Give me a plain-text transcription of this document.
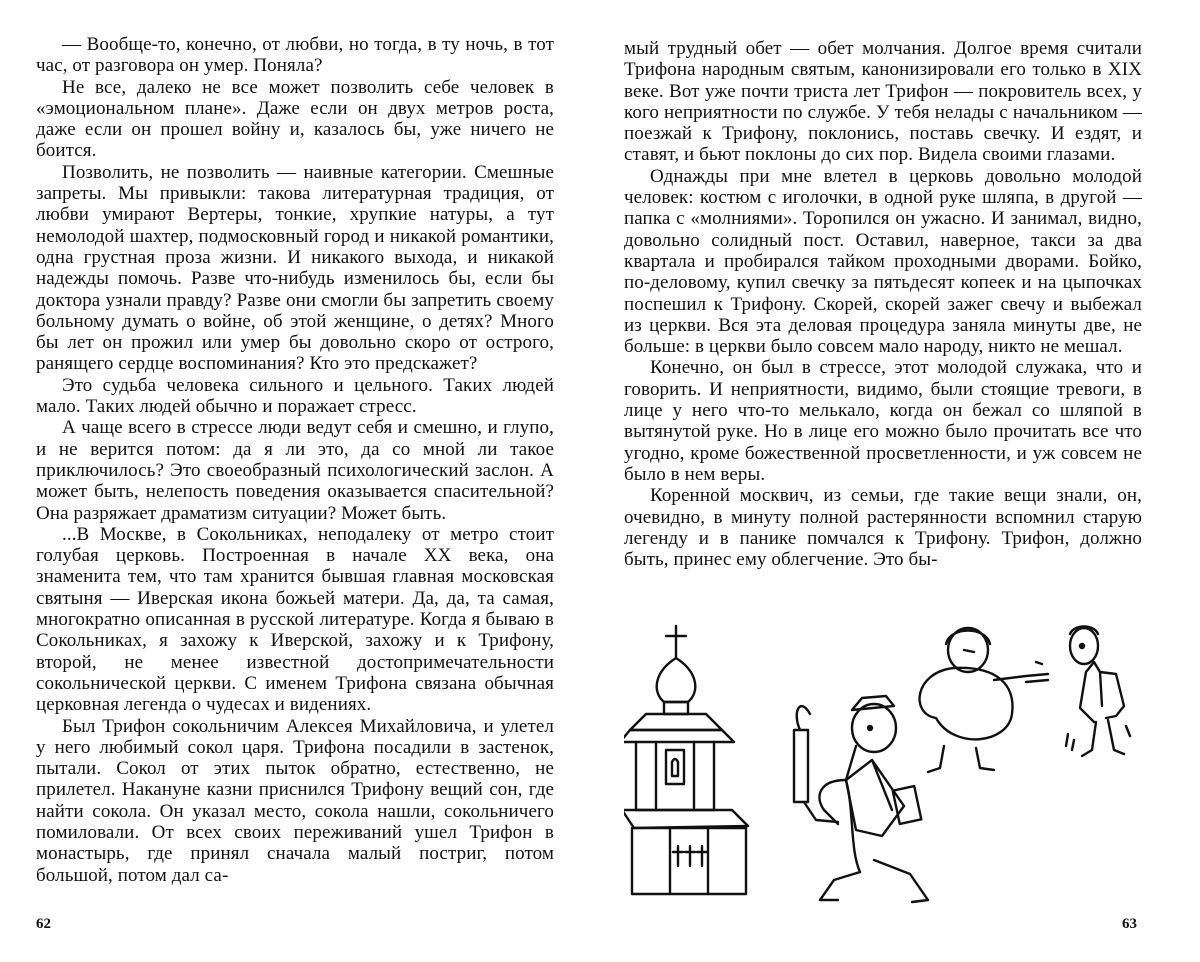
— Вообще-то, конечно, от любви, но тогда, в ту ночь, в тот час, от разговора он умер. Поняла?

Не все, далеко не все может позволить себе человек в «эмоциональном плане». Даже если он двух метров роста, даже если он прошел войну и, казалось бы, уже ничего не боится.

Позволить, не позволить — наивные категории. Смешные запреты. Мы привыкли: такова литературная традиция, от любви умирают Вертеры, тонкие, хрупкие натуры, а тут немолодой шахтер, подмосковный город и никакой романтики, одна грустная проза жизни. И никакого выхода, и никакой надежды помочь. Разве что-нибудь изменилось бы, если бы доктора узнали правду? Разве они смогли бы запретить своему больному думать о войне, об этой женщине, о детях? Много бы лет он прожил или умер бы довольно скоро от острого, ранящего сердце воспоминания? Кто это предскажет?

Это судьба человека сильного и цельного. Таких людей мало. Таких людей обычно и поражает стресс.

А чаще всего в стрессе люди ведут себя и смешно, и глупо, и не верится потом: да я ли это, да со мной ли такое приключилось? Это своеобразный психологический заслон. А может быть, нелепость поведения оказывается спасительной? Она разряжает драматизм ситуации? Может быть.

...В Москве, в Сокольниках, неподалеку от метро стоит голубая церковь. Построенная в начале XX века, она знаменита тем, что там хранится бывшая главная московская святыня — Иверская икона божьей матери. Да, да, та самая, многократно описанная в русской литературе. Когда я бываю в Сокольниках, я захожу к Иверской, захожу и к Трифону, второй, не менее известной достопримечательности сокольнической церкви. С именем Трифона связана обычная церковная легенда о чудесах и видениях.

Был Трифон сокольничим Алексея Михайловича, и улетел у него любимый сокол царя. Трифона посадили в застенок, пытали. Сокол от этих пыток обратно, естественно, не прилетел. Накануне казни приснился Трифону вещий сон, где найти сокола. Он указал место, сокола нашли, сокольничего помиловали. От всех своих переживаний ушел Трифон в монастырь, где принял сначала малый постриг, потом большой, потом дал са-

62

мый трудный обет — обет молчания. Долгое время считали Трифона народным святым, канонизировали его только в XIX веке. Вот уже почти триста лет Трифон — покровитель всех, у кого неприятности по службе. У тебя нелады с начальником — поезжай к Трифону, поклонись, поставь свечку. И ездят, и ставят, и бьют поклоны до сих пор. Видела своими глазами.

Однажды при мне влетел в церковь довольно молодой человек: костюм с иголочки, в одной руке шляпа, в другой — папка с «молниями». Торопился он ужасно. И занимал, видно, довольно солидный пост. Оставил, наверное, такси за два квартала и пробирался тайком проходными дворами. Бойко, по-деловому, купил свечку за пятьдесят копеек и на цыпочках поспешил к Трифону. Скорей, скорей зажег свечу и выбежал из церкви. Вся эта деловая процедура заняла минуты две, не больше: в церкви было совсем мало народу, никто не мешал.

Конечно, он был в стрессе, этот молодой служака, что и говорить. И неприятности, видимо, были стоящие тревоги, в лице у него что-то мелькало, когда он бежал со шляпой в вытянутой руке. Но в лице его можно было прочитать все что угодно, кроме божественной просветленности, и уж совсем не было в нем веры.

Коренной москвич, из семьи, где такие вещи знали, он, очевидно, в минуту полной растерянности вспомнил старую легенду и в панике помчался к Трифону. Трифон, должно быть, принес ему облегчение. Это бы-

63
